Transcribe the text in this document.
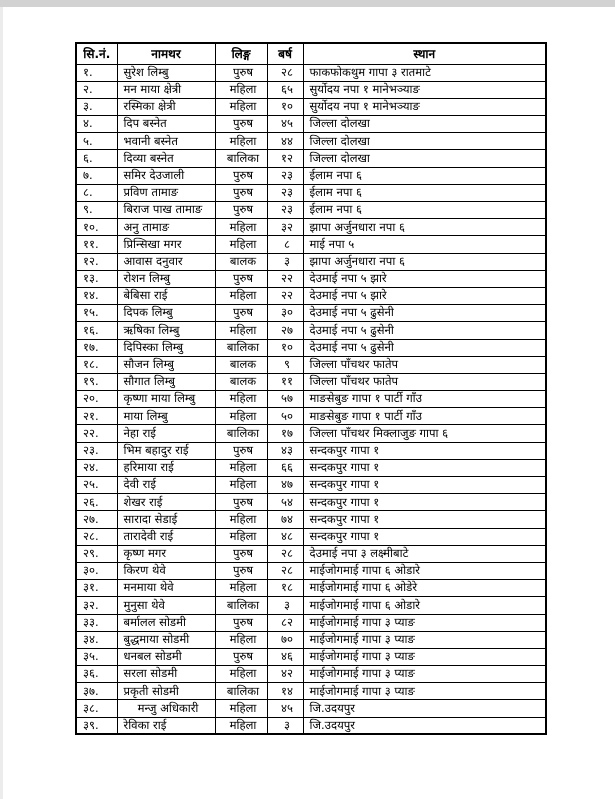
सि.नं.	नामथर	लिङ्ग	बर्ष	स्थान
१.	सुरेश लिम्बु	पुरुष	२८	फाकफोकथुम गापा ३ रातमाटे
२.	मन माया क्षेत्री	महिला	६५	सुर्योदय नपा १ मानेभञ्याङ
३.	रस्मिका क्षेत्री	महिला	१०	सुर्योदय नपा १ मानेभञ्याङ
४.	दिप बस्नेत	पुरुष	४५	जिल्ला दोलखा
५.	भवानी बस्नेत	महिला	४४	जिल्ला दोलखा
६.	दिव्या बस्नेत	बालिका	१२	जिल्ला दोलखा
७.	समिर देउजाली	पुरुष	२३	ईलाम नपा ६
८.	प्रविण तामाङ	पुरुष	२३	ईलाम नपा ६
९.	बिराज पाख तामाङ	पुरुष	२३	ईलाम नपा ६
१०.	अनु तामाङ	महिला	३२	झापा अर्जुनधारा नपा ६
११.	प्रिन्सिखा मगर	महिला	८	माई नपा ५
१२.	आवास दनुवार	बालक	३	झापा अर्जुनधारा नपा ६
१३.	रोशन लिम्बु	पुरुष	२२	देउमाई नपा ५ झारे
१४.	बेबिसा राई	महिला	२२	देउमाई नपा ५ झारे
१५.	दिपक लिम्बु	पुरुष	३०	देउमाई नपा ५ ढुसेनी
१६.	ऋषिका लिम्बु	महिला	२७	देउमाई नपा ५ ढुसेनी
१७.	दिपिस्का लिम्बु	बालिका	१०	देउमाई नपा ५ ढुसेनी
१८.	सौजन लिम्बु	बालक	९	जिल्ला पाँचथर फातेप
१९.	सौगात लिम्बु	बालक	११	जिल्ला पाँचथर फातेप
२०.	कृष्णा माया लिम्बु	महिला	५७	माङसेबुङ गापा १ पार्टी गाँउ
२१.	माया लिम्बु	महिला	५०	माङसेबुङ गापा १ पार्टी गाँउ
२२.	नेहा राई	बालिका	१७	जिल्ला पाँचथर मिक्लाजुङ गापा ६
२३.	भिम बहादुर राई	पुरुष	४३	सन्दकपुर गापा १
२४.	हरिमाया राई	महिला	६६	सन्दकपुर गापा १
२५.	देवी राई	महिला	४७	सन्दकपुर गापा १
२६.	शेखर राई	पुरुष	५४	सन्दकपुर गापा १
२७.	सारादा सेडाई	महिला	७४	सन्दकपुर गापा १
२८.	तारादेवी राई	महिला	४८	सन्दकपुर गापा १
२९.	कृष्ण मगर	पुरुष	२८	देउमाई नपा ३ लक्ष्मीबाटे
३०.	किरण थेवे	पुरुष	२८	माईजोगमाई गापा ६ ओडारे
३१.	मनमाया थेवे	महिला	१८	माईजोगमाई गापा ६ ओडेरे
३२.	मुनुसा थेवे	बालिका	३	माईजोगमाई गापा ६ ओडारे
३३.	बर्मालल सोडमी	पुरुष	८२	माईजोगमाई गापा ३ प्याङ
३४.	बुद्धमाया सोडमी	महिला	७०	माईजोगमाई गापा ३ प्याङ
३५.	धनबल सोडमी	पुरुष	४६	माईजोगमाई गापा ३ प्याङ
३६.	सरला सोडमी	महिला	४२	माईजोगमाई गापा ३ प्याङ
३७.	प्रकृती सोडमी	बालिका	१४	माईजोगमाई गापा ३ प्याङ
३८.	मन्जु अधिकारी	महिला	४५	जि.उदयपुर
३९.	रेविका राई	महिला	३	जि.उदयपुर
